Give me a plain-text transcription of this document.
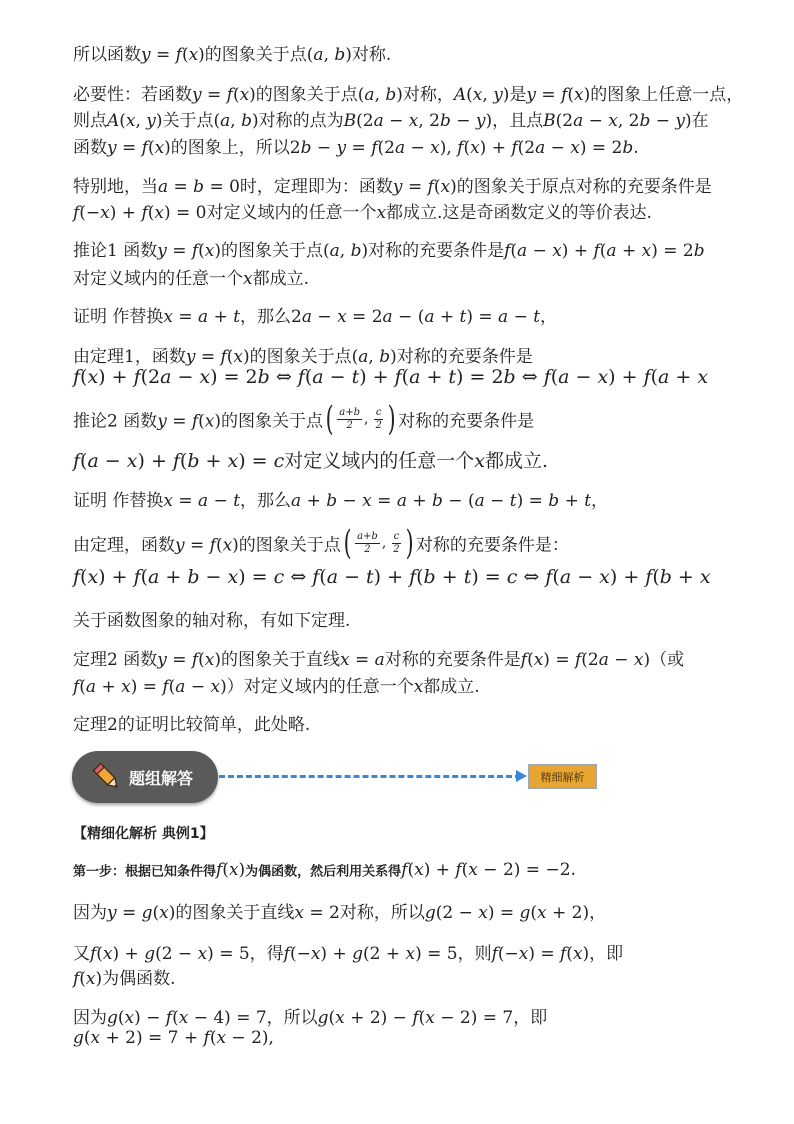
所以函数𝑦 = 𝑓(𝑥)的图象关于点(𝑎, 𝑏)对称.
必要性：若函数𝑦 = 𝑓(𝑥)的图象关于点(𝑎, 𝑏)对称，𝐴(𝑥, 𝑦)是𝑦 = 𝑓(𝑥)的图象上任意一点，
则点𝐴(𝑥, 𝑦)关于点(𝑎, 𝑏)对称的点为𝐵(2𝑎 − 𝑥, 2𝑏 − 𝑦)，且点𝐵(2𝑎 − 𝑥, 2𝑏 − 𝑦)在
函数𝑦 = 𝑓(𝑥)的图象上，所以2𝑏 − 𝑦 = 𝑓(2𝑎 − 𝑥), 𝑓(𝑥) + 𝑓(2𝑎 − 𝑥) = 2𝑏.
特别地，当𝑎 = 𝑏 = 0时，定理即为：函数𝑦 = 𝑓(𝑥)的图象关于原点对称的充要条件是
𝑓(−𝑥) + 𝑓(𝑥) = 0对定义域内的任意一个𝑥都成立.这是奇函数定义的等价表达.
推论1 函数𝑦 = 𝑓(𝑥)的图象关于点(𝑎, 𝑏)对称的充要条件是𝑓(𝑎 − 𝑥) + 𝑓(𝑎 + 𝑥) = 2𝑏
对定义域内的任意一个𝑥都成立.
证明 作替换𝑥 = 𝑎 + 𝑡，那么2𝑎 − 𝑥 = 2𝑎 − (𝑎 + 𝑡) = 𝑎 − 𝑡，
由定理1，函数𝑦 = 𝑓(𝑥)的图象关于点(𝑎, 𝑏)对称的充要条件是
𝑓(𝑥) + 𝑓(2𝑎 − 𝑥) = 2𝑏 ⇔ 𝑓(𝑎 − 𝑡) + 𝑓(𝑎 + 𝑡) = 2𝑏 ⇔ 𝑓(𝑎 − 𝑥) + 𝑓(𝑎 + 𝑥
推论2 函数𝑦 = 𝑓(𝑥)的图象关于点 ( $\frac{\text{𝑎+𝑏}}{2}$ , $\frac{\text{𝑐}}{2}$ ) 对称的充要条件是
𝑓(𝑎 − 𝑥) + 𝑓(𝑏 + 𝑥) = 𝑐对定义域内的任意一个𝑥都成立.
证明 作替换𝑥 = 𝑎 − 𝑡，那么𝑎 + 𝑏 − 𝑥 = 𝑎 + 𝑏 − (𝑎 − 𝑡) = 𝑏 + 𝑡，
由定理，函数𝑦 = 𝑓(𝑥)的图象关于点 ( $\frac{\text{𝑎+𝑏}}{2}$ , $\frac{\text{𝑐}}{2}$ ) 对称的充要条件是：
𝑓(𝑥) + 𝑓(𝑎 + 𝑏 − 𝑥) = 𝑐 ⇔ 𝑓(𝑎 − 𝑡) + 𝑓(𝑏 + 𝑡) = 𝑐 ⇔ 𝑓(𝑎 − 𝑥) + 𝑓(𝑏 + 𝑥
关于函数图象的轴对称，有如下定理.
定理2 函数𝑦 = 𝑓(𝑥)的图象关于直线𝑥 = 𝑎对称的充要条件是𝑓(𝑥) = 𝑓(2𝑎 − 𝑥)（或
𝑓(𝑎 + 𝑥) = 𝑓(𝑎 − 𝑥)）对定义域内的任意一个𝑥都成立.
定理2的证明比较简单，此处略.
题组解答	精细解析
【精细化解析 典例1】
第一步：根据已知条件得𝑓(𝑥)为偶函数，然后利用关系得𝑓(𝑥) + 𝑓(𝑥 − 2) = −2.
因为𝑦 = 𝑔(𝑥)的图象关于直线𝑥 = 2对称，所以𝑔(2 − 𝑥) = 𝑔(𝑥 + 2)，
又𝑓(𝑥) + 𝑔(2 − 𝑥) = 5，得𝑓(−𝑥) + 𝑔(2 + 𝑥) = 5，则𝑓(−𝑥) = 𝑓(𝑥)，即
𝑓(𝑥)为偶函数.
因为𝑔(𝑥) − 𝑓(𝑥 − 4) = 7，所以𝑔(𝑥 + 2) − 𝑓(𝑥 − 2) = 7，即
𝑔(𝑥 + 2) = 7 + 𝑓(𝑥 − 2),
